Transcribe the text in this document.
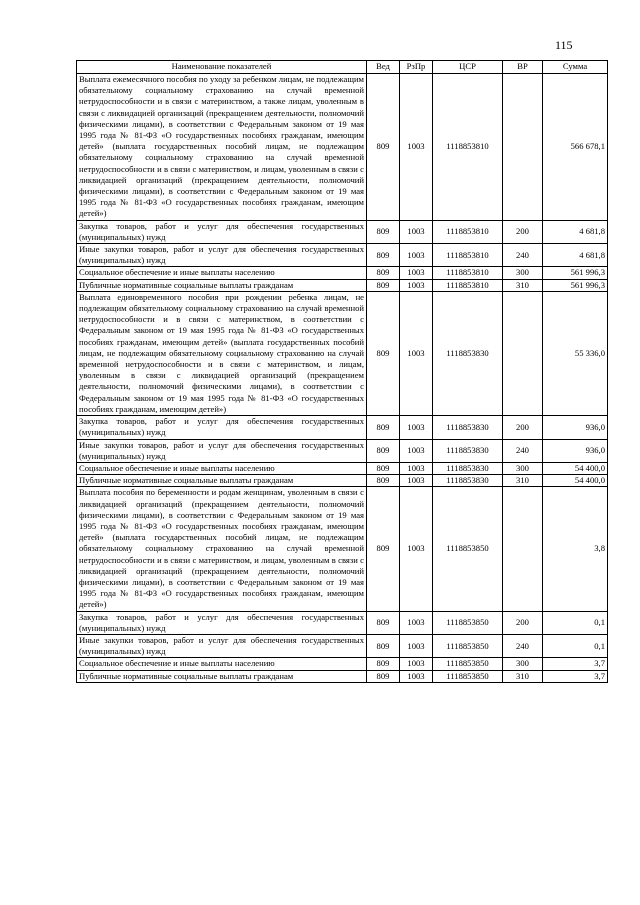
115
Наименование показателей	Вед	РзПр	ЦСР	ВР	Сумма
Выплата ежемесячного пособия по уходу за ребенком лицам, не подлежащим обязательному социальному страхованию на случай временной нетрудоспособности и в связи с материнством, а также лицам, уволенным в связи с ликвидацией организаций (прекращением деятельности, полномочий физическими лицами), в соответствии с Федеральным законом от 19 мая 1995 года № 81-ФЗ «О государственных пособиях гражданам, имеющим детей» (выплата государственных пособий лицам, не подлежащим обязательному социальному страхованию на случай временной нетрудоспособности и в связи с материнством, и лицам, уволенным в связи с ликвидацией организаций (прекращением деятельности, полномочий физическими лицами), в соответствии с Федеральным законом от 19 мая 1995 года № 81-ФЗ «О государственных пособиях гражданам, имеющим детей»)	809	1003	1118853810		566 678,1
Закупка товаров, работ и услуг для обеспечения государственных (муниципальных) нужд	809	1003	1118853810	200	4 681,8
Иные закупки товаров, работ и услуг для обеспечения государственных (муниципальных) нужд	809	1003	1118853810	240	4 681,8
Социальное обеспечение и иные выплаты населению	809	1003	1118853810	300	561 996,3
Публичные нормативные социальные выплаты гражданам	809	1003	1118853810	310	561 996,3
Выплата единовременного пособия при рождении ребенка лицам, не подлежащим обязательному социальному страхованию на случай временной нетрудоспособности и в связи с материнством, в соответствии с Федеральным законом от 19 мая 1995 года № 81-ФЗ «О государственных пособиях гражданам, имеющим детей» (выплата государственных пособий лицам, не подлежащим обязательному социальному страхованию на случай временной нетрудоспособности и в связи с материнством, и лицам, уволенным в связи с ликвидацией организаций (прекращением деятельности, полномочий физическими лицами), в соответствии с Федеральным законом от 19 мая 1995 года № 81-ФЗ «О государственных пособиях гражданам, имеющим детей»)	809	1003	1118853830		55 336,0
Закупка товаров, работ и услуг для обеспечения государственных (муниципальных) нужд	809	1003	1118853830	200	936,0
Иные закупки товаров, работ и услуг для обеспечения государственных (муниципальных) нужд	809	1003	1118853830	240	936,0
Социальное обеспечение и иные выплаты населению	809	1003	1118853830	300	54 400,0
Публичные нормативные социальные выплаты гражданам	809	1003	1118853830	310	54 400,0
Выплата пособия по беременности и родам женщинам, уволенным в связи с ликвидацией организаций (прекращением деятельности, полномочий физическими лицами), в соответствии с Федеральным законом от 19 мая 1995 года № 81-ФЗ «О государственных пособиях гражданам, имеющим детей» (выплата государственных пособий лицам, не подлежащим обязательному социальному страхованию на случай временной нетрудоспособности и в связи с материнством, и лицам, уволенным в связи с ликвидацией организаций (прекращением деятельности, полномочий физическими лицами), в соответствии с Федеральным законом от 19 мая 1995 года № 81-ФЗ «О государственных пособиях гражданам, имеющим детей»)	809	1003	1118853850		3,8
Закупка товаров, работ и услуг для обеспечения государственных (муниципальных) нужд	809	1003	1118853850	200	0,1
Иные закупки товаров, работ и услуг для обеспечения государственных (муниципальных) нужд	809	1003	1118853850	240	0,1
Социальное обеспечение и иные выплаты населению	809	1003	1118853850	300	3,7
Публичные нормативные социальные выплаты гражданам	809	1003	1118853850	310	3,7
